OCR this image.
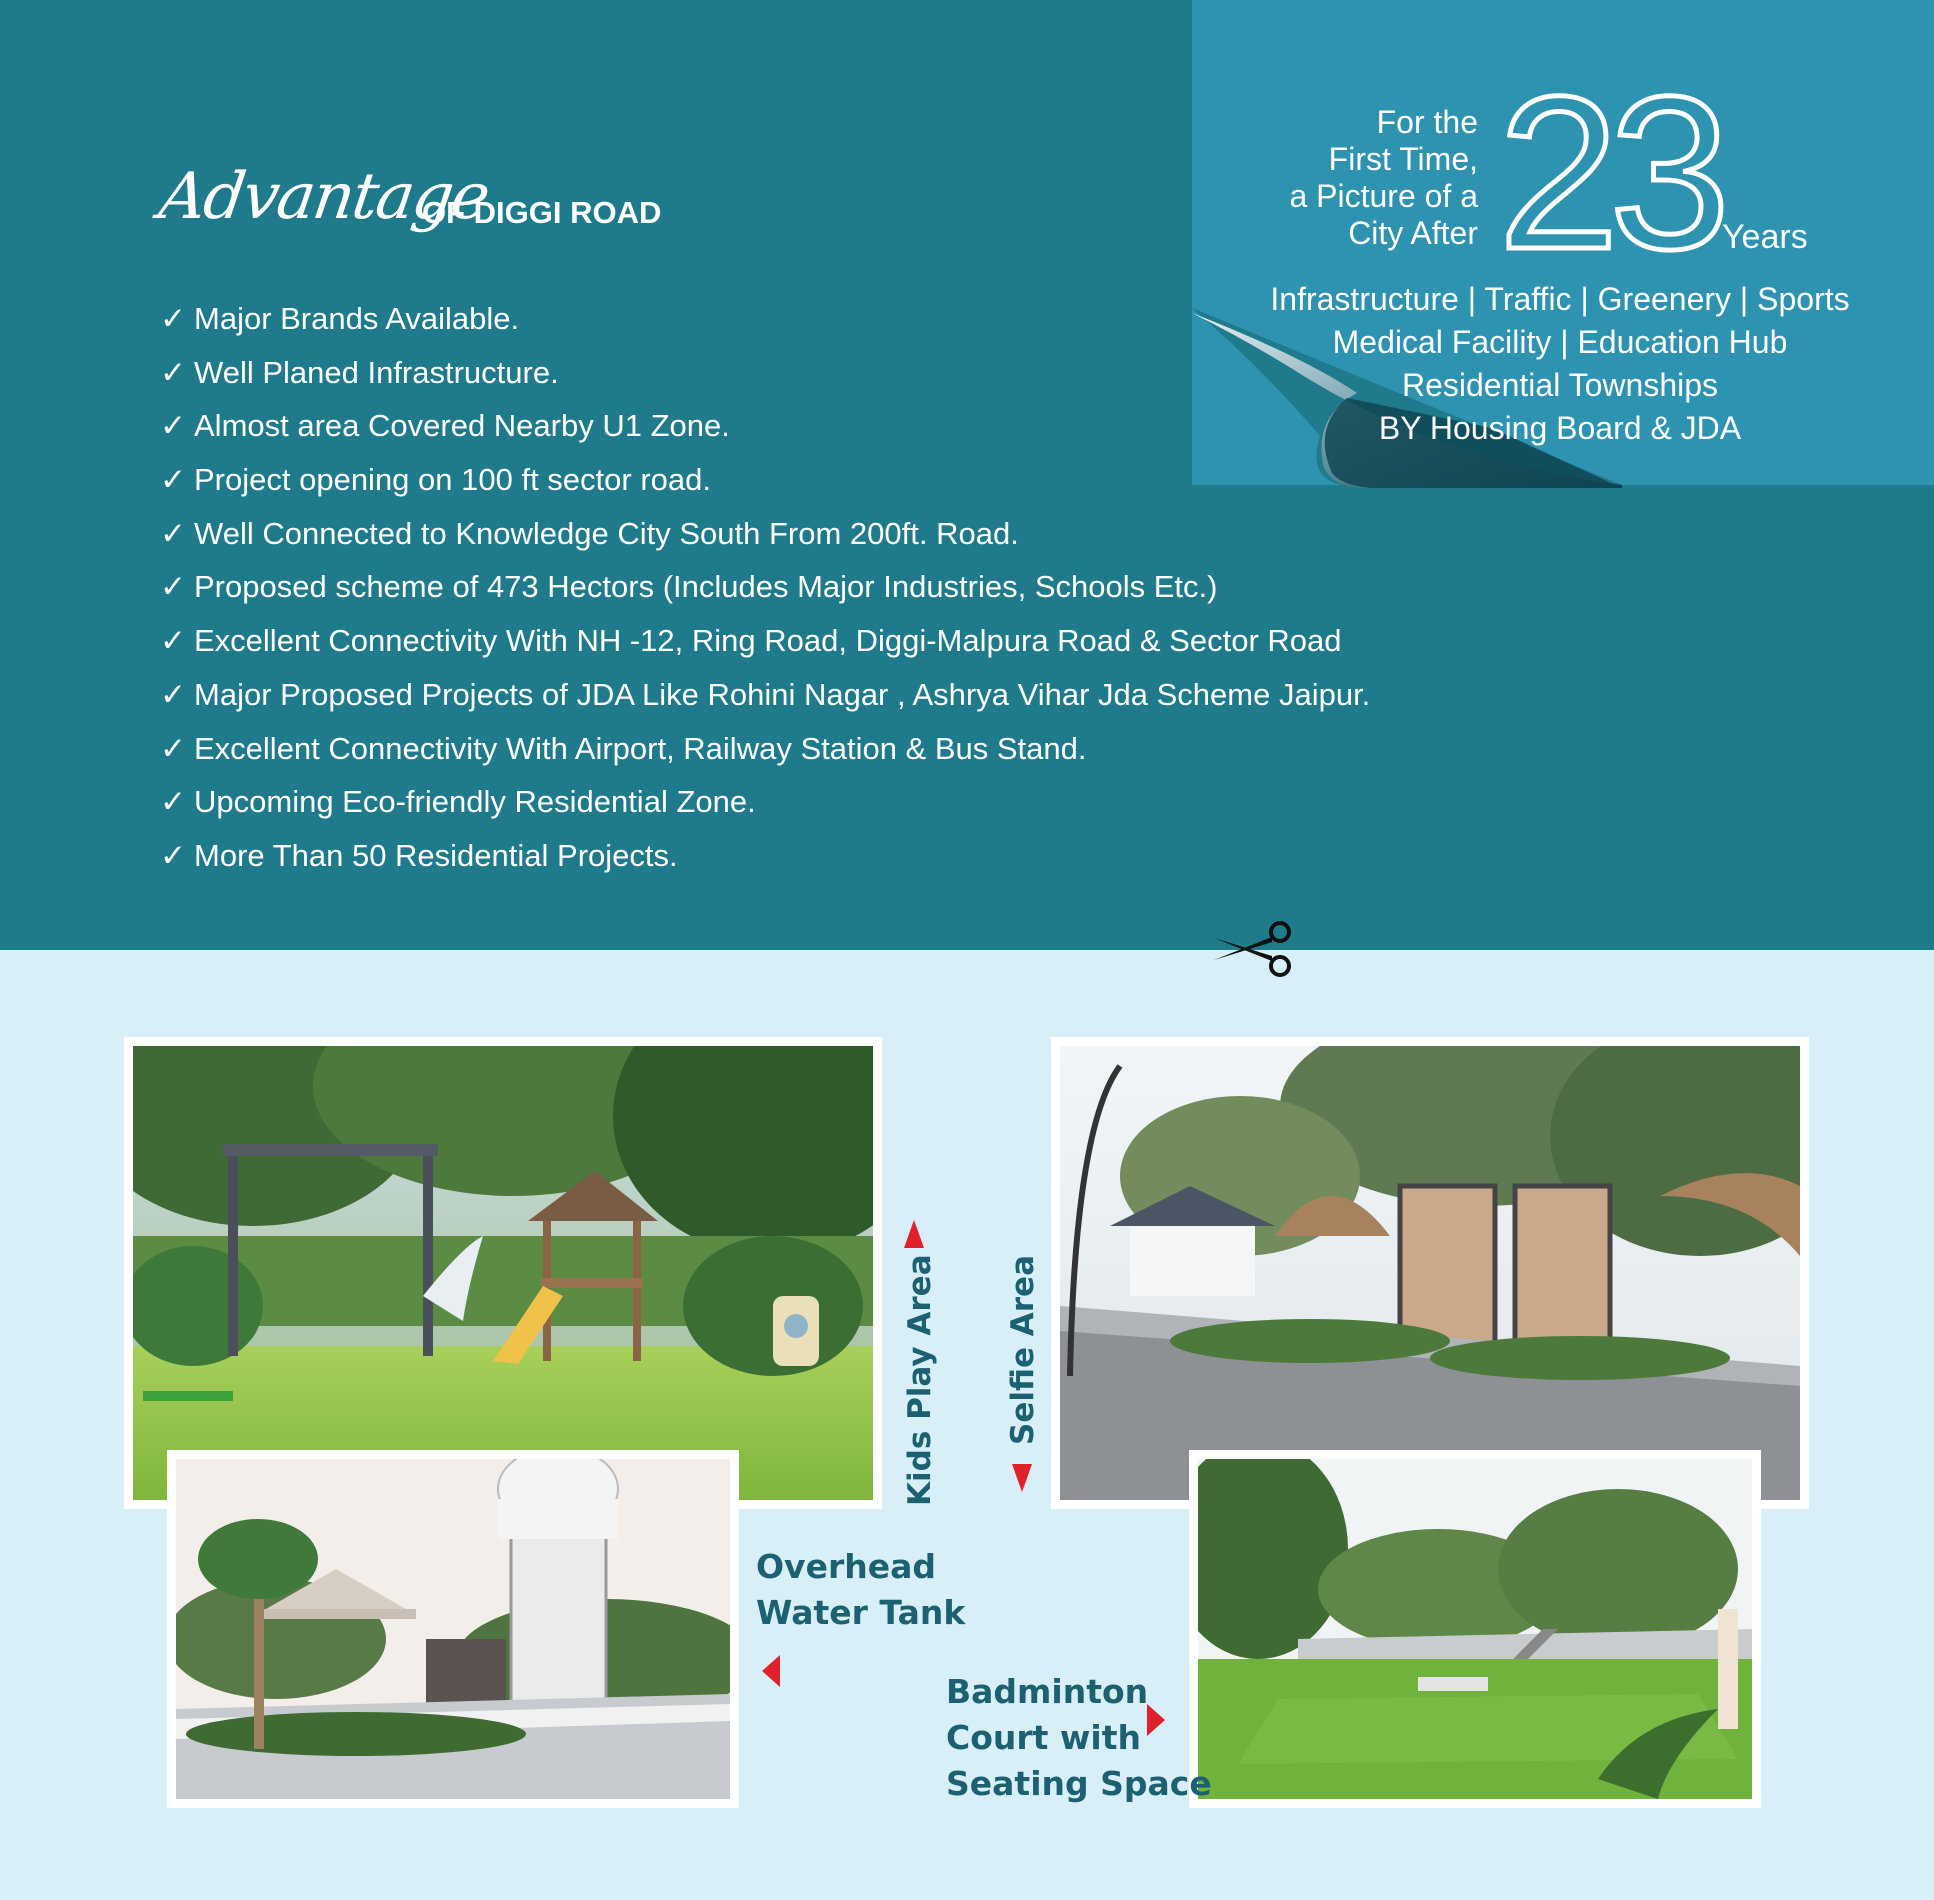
For the
First Time,
a Picture of a
City After 23 Years
Infrastructure | Traffic | Greenery | Sports
Medical Facility | Education Hub
Residential Townships
BY Housing Board & JDA
Advantage
OF DIGGI ROAD
✓ Major Brands Available.
✓ Well Planed Infrastructure.
✓ Almost area Covered Nearby U1 Zone.
✓ Project opening on 100 ft sector road.
✓ Well Connected to Knowledge City South From 200ft. Road.
✓ Proposed scheme of 473 Hectors (Includes Major Industries, Schools Etc.)
✓ Excellent Connectivity With NH -12, Ring Road, Diggi-Malpura Road & Sector Road
✓ Major Proposed Projects of JDA Like Rohini Nagar , Ashrya Vihar Jda Scheme Jaipur.
✓ Excellent Connectivity With Airport, Railway Station & Bus Stand.
✓ Upcoming Eco-friendly Residential Zone.
✓ More Than 50 Residential Projects.
Kids Play Area Selfie Area
Overhead
Water Tank
Badminton
Court with
Seating Space
